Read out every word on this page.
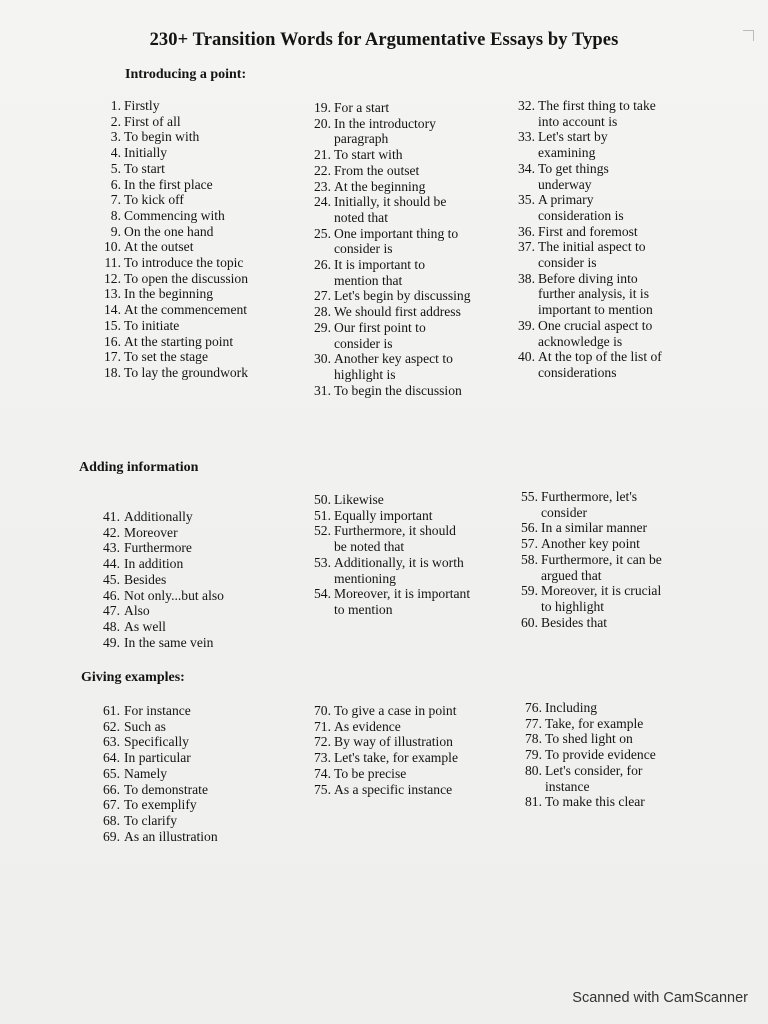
230+ Transition Words for Argumentative Essays by Types
Introducing a point:
1. Firstly
2. First of all
3. To begin with
4. Initially
5. To start
6. In the first place
7. To kick off
8. Commencing with
9. On the one hand
10. At the outset
11. To introduce the topic
12. To open the discussion
13. In the beginning
14. At the commencement
15. To initiate
16. At the starting point
17. To set the stage
18. To lay the groundwork
19. For a start
20. In the introductory paragraph
21. To start with
22. From the outset
23. At the beginning
24. Initially, it should be noted that
25. One important thing to consider is
26. It is important to mention that
27. Let's begin by discussing
28. We should first address
29. Our first point to consider is
30. Another key aspect to highlight is
31. To begin the discussion
32. The first thing to take into account is
33. Let's start by examining
34. To get things underway
35. A primary consideration is
36. First and foremost
37. The initial aspect to consider is
38. Before diving into further analysis, it is important to mention
39. One crucial aspect to acknowledge is
40. At the top of the list of considerations
Adding information
41. Additionally
42. Moreover
43. Furthermore
44. In addition
45. Besides
46. Not only...but also
47. Also
48. As well
49. In the same vein
50. Likewise
51. Equally important
52. Furthermore, it should be noted that
53. Additionally, it is worth mentioning
54. Moreover, it is important to mention
55. Furthermore, let's consider
56. In a similar manner
57. Another key point
58. Furthermore, it can be argued that
59. Moreover, it is crucial to highlight
60. Besides that
Giving examples:
61. For instance
62. Such as
63. Specifically
64. In particular
65. Namely
66. To demonstrate
67. To exemplify
68. To clarify
69. As an illustration
70. To give a case in point
71. As evidence
72. By way of illustration
73. Let's take, for example
74. To be precise
75. As a specific instance
76. Including
77. Take, for example
78. To shed light on
79. To provide evidence
80. Let's consider, for instance
81. To make this clear
Scanned with CamScanner
